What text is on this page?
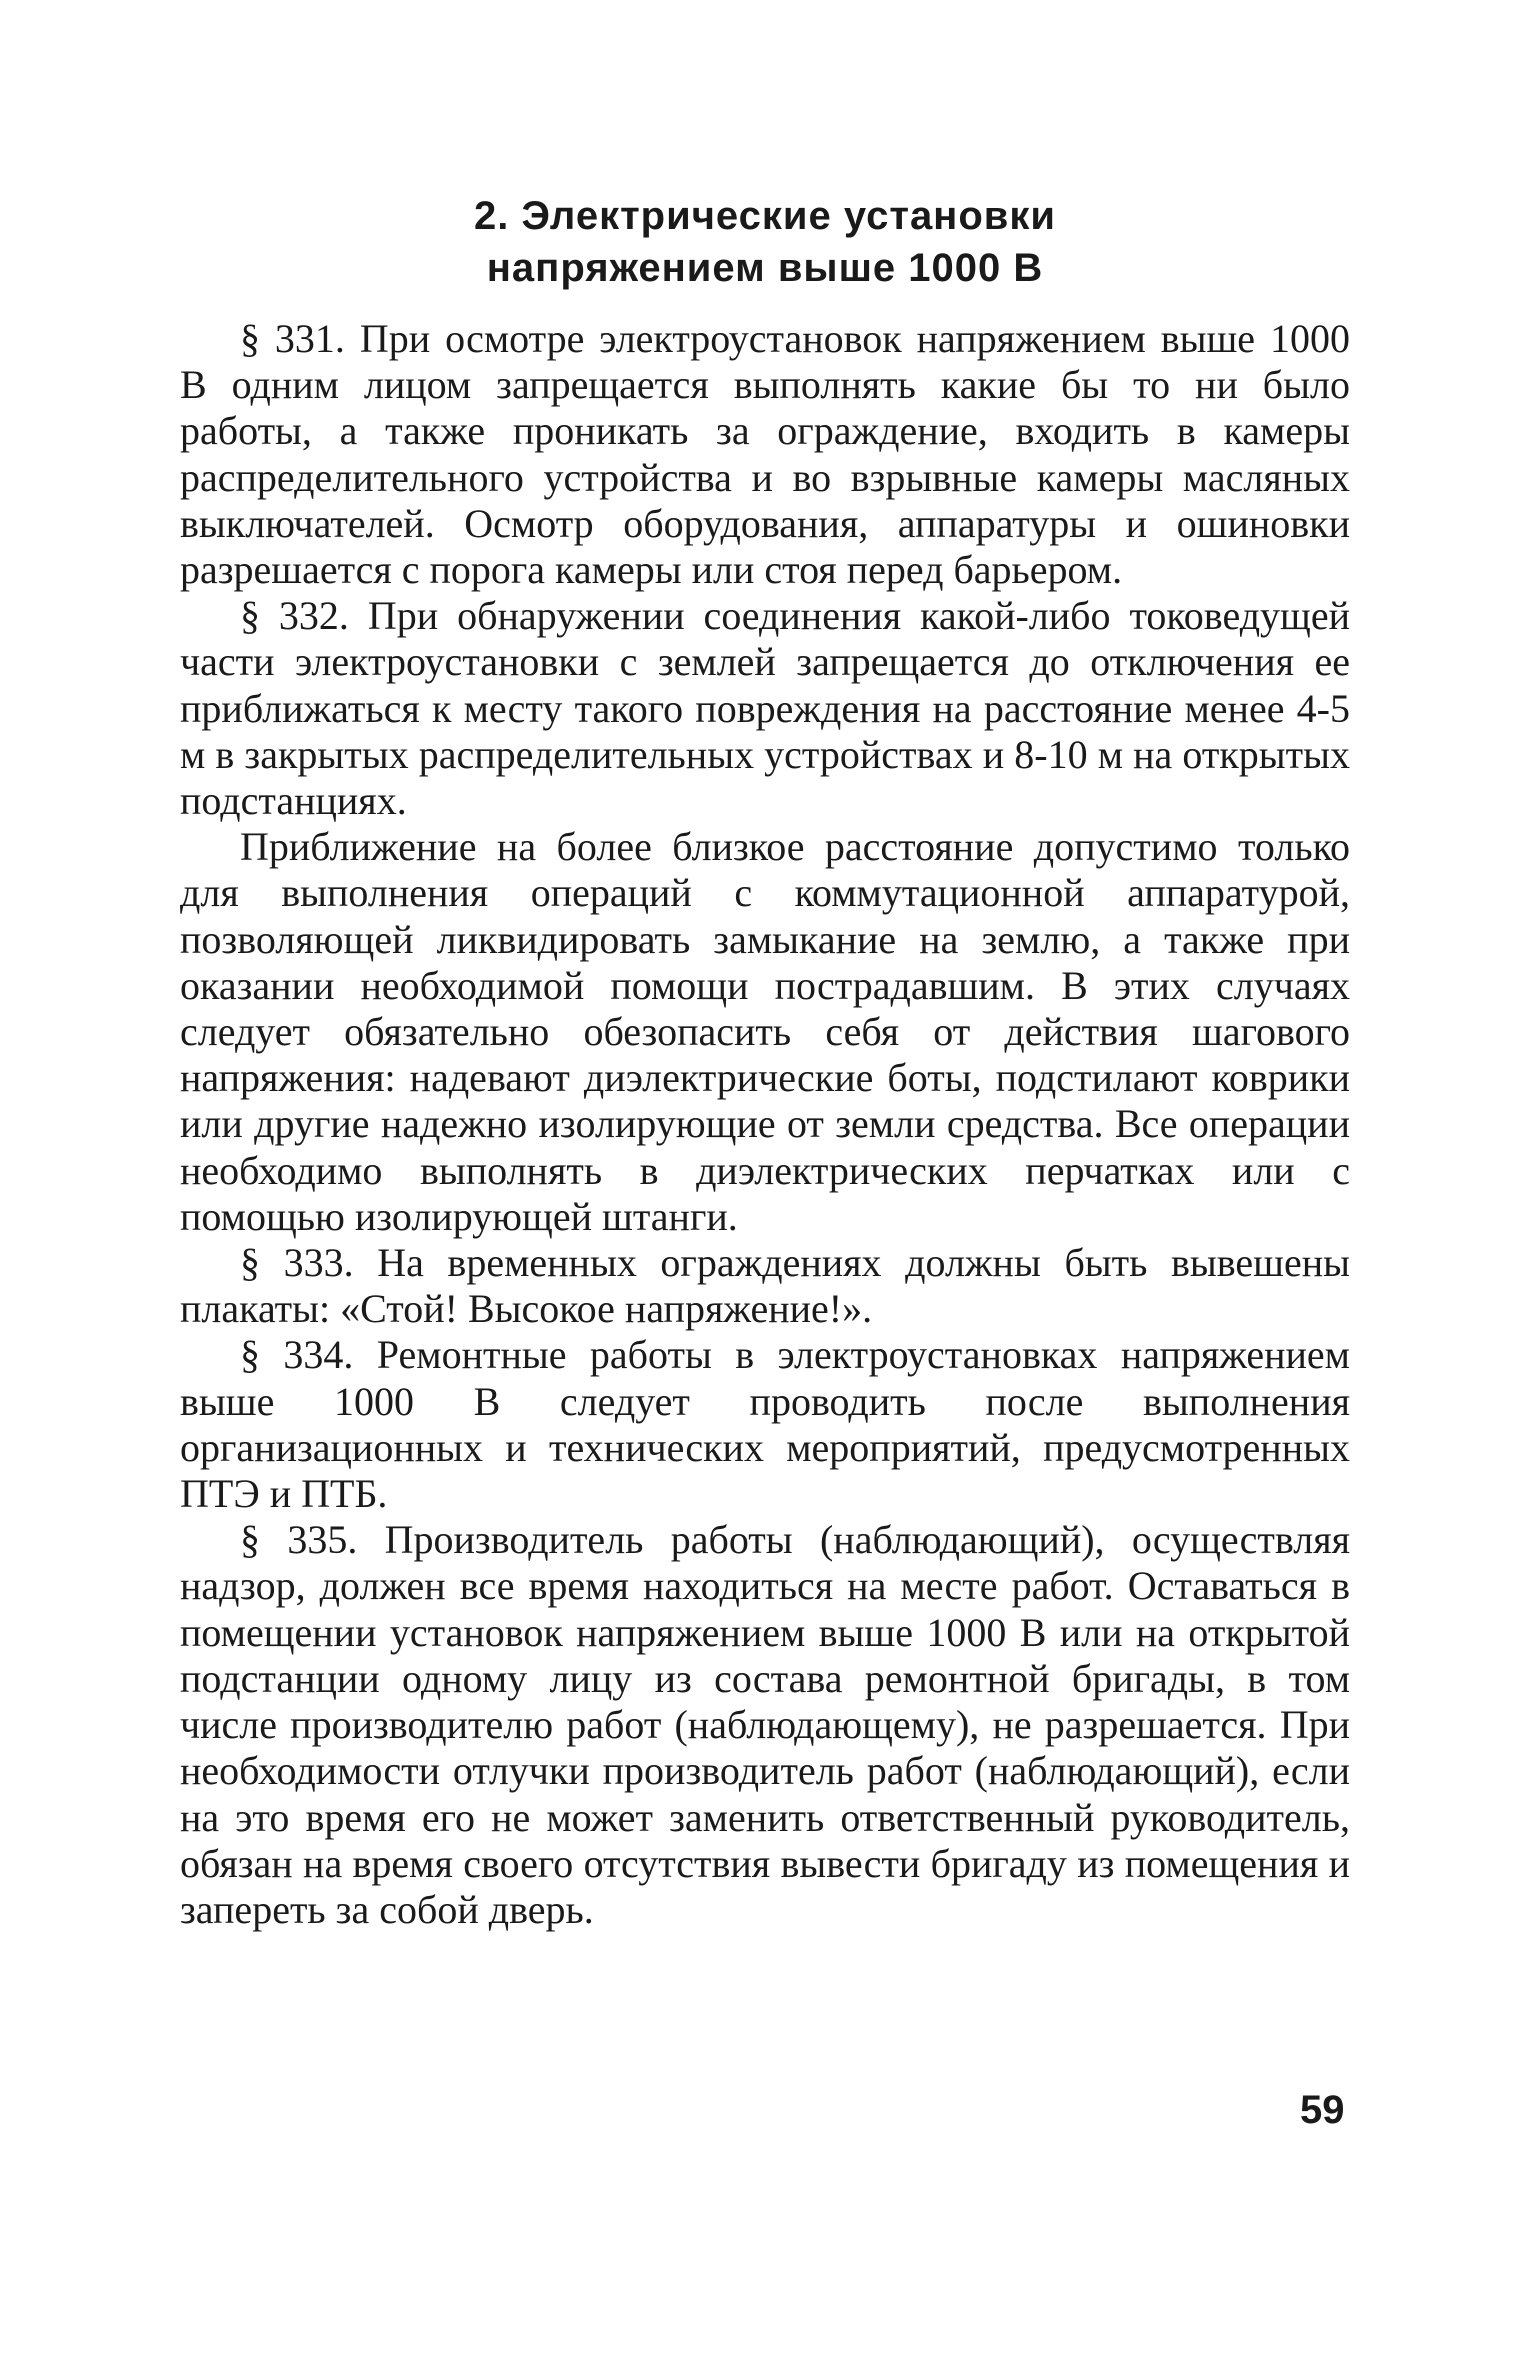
2. Электрические установки
напряжением выше 1000 В

§ 331. При осмотре электроустановок напряжением выше 1000 В одним лицом запрещается выполнять какие бы то ни было работы, а также проникать за ограждение, входить в камеры распределительного устройства и во взрывные камеры масляных выключателей. Осмотр оборудования, аппаратуры и ошиновки разрешается с порога камеры или стоя перед барьером.

§ 332. При обнаружении соединения какой-либо токоведущей части электроустановки с землей запрещается до отключения ее приближаться к месту такого повреждения на расстояние менее 4-5 м в закрытых распределительных устройствах и 8-10 м на открытых подстанциях.

Приближение на более близкое расстояние допустимо только для выполнения операций с коммутационной аппаратурой, позволяющей ликвидировать замыкание на землю, а также при оказании необходимой помощи пострадавшим. В этих случаях следует обязательно обезопасить себя от действия шагового напряжения: надевают диэлектрические боты, подстилают коврики или другие надежно изолирующие от земли средства. Все операции необходимо выполнять в диэлектрических перчатках или с помощью изолирующей штанги.

§ 333. На временных ограждениях должны быть вывешены плакаты: «Стой! Высокое напряжение!».

§ 334. Ремонтные работы в электроустановках напряжением выше 1000 В следует проводить после выполнения организационных и технических мероприятий, предусмотренных ПТЭ и ПТБ.

§ 335. Производитель работы (наблюдающий), осуществляя надзор, должен все время находиться на месте работ. Оставаться в помещении установок напряжением выше 1000 В или на открытой подстанции одному лицу из состава ремонтной бригады, в том числе производителю работ (наблюдающему), не разрешается. При необходимости отлучки производитель работ (наблюдающий), если на это время его не может заменить ответственный руководитель, обязан на время своего отсутствия вывести бригаду из помещения и запереть за собой дверь.

59
